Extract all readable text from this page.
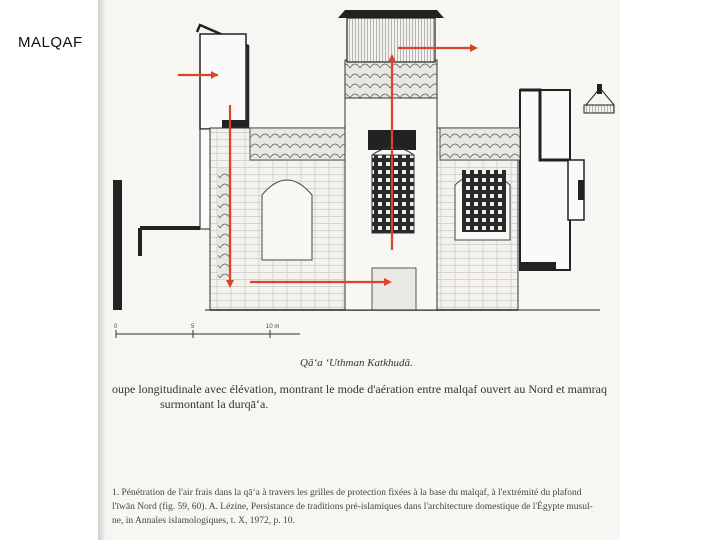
MALQAF
0	5	10 m
Qā‘a ‘Uthman Katkhudā.
oupe longitudinale avec élévation, montrant le mode d'aération entre malqaf ouvert au Nord et mamraq
surmontant la durqā‘a.
1. Pénétration de l'air frais dans la qā‘a à travers les grilles de protection fixées à la base du malqaf, à l'extrémité du plafond
l'īwān Nord (fig. 59, 60). A. Lézine, Persistance de traditions pré-islamiques dans l'architecture domestique de l'Égypte musul-
ne, in Annales islamologiques, t. X, 1972, p. 10.
